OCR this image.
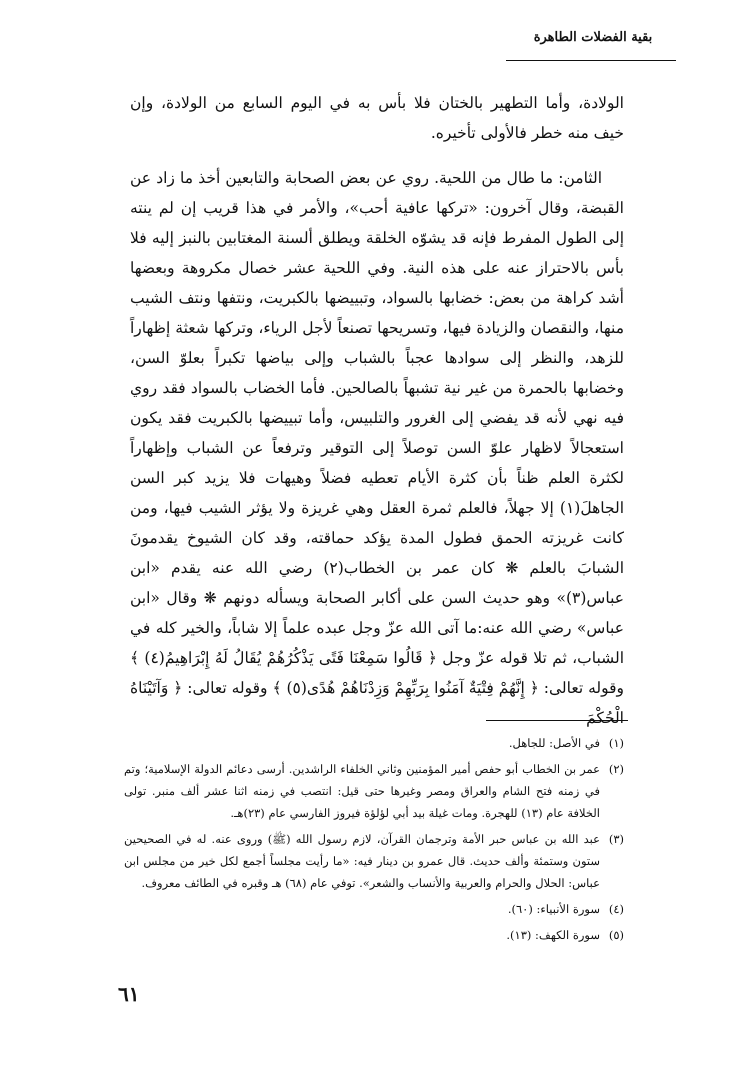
بقية الفضلات الطاهرة

الولادة، وأما التطهير بالختان فلا بأس به في اليوم السابع من الولادة، وإن خيف منه خطر فالأولى تأخيره.

الثامن: ما طال من اللحية. روي عن بعض الصحابة والتابعين أخذ ما زاد عن القبضة، وقال آخرون: «تركها عافية أحب»، والأمر في هذا قريب إن لم ينته إلى الطول المفرط فإنه قد يشوّه الخلقة ويطلق ألسنة المغتابين بالنبز إليه فلا بأس بالاحتراز عنه على هذه النية. وفي اللحية عشر خصال مكروهة وبعضها أشد كراهة من بعض: خضابها بالسواد، وتبييضها بالكبريت، ونتفها ونتف الشيب منها، والنقصان والزيادة فيها، وتسريحها تصنعاً لأجل الرياء، وتركها شعثة إظهاراً للزهد، والنظر إلى سوادها عجباً بالشباب وإلى بياضها تكبراً بعلوّ السن، وخضابها بالحمرة من غير نية تشبهاً بالصالحين. فأما الخضاب بالسواد فقد روي فيه نهي لأنه قد يفضي إلى الغرور والتلبيس، وأما تبييضها بالكبريت فقد يكون استعجالاً لاظهار علوّ السن توصلاً إلى التوقير وترفعاً عن الشباب وإظهاراً لكثرة العلم ظناً بأن كثرة الأيام تعطيه فضلاً وهيهات فلا يزيد كبر السن الجاهلَ(١) إلا جهلاً، فالعلم ثمرة العقل وهي غريزة ولا يؤثر الشيب فيها، ومن كانت غريزته الحمق فطول المدة يؤكد حماقته، وقد كان الشيوخ يقدمونَ الشبابَ بالعلم ❋ كان عمر بن الخطاب(٢) رضي الله عنه يقدم «ابن عباس(٣)» وهو حديث السن على أكابر الصحابة ويسأله دونهم ❋ وقال «ابن عباس» رضي الله عنه:ما آتى الله عزّ وجل عبده علماً إلا شاباً، والخير كله في الشباب، ثم تلا قوله عزّ وجل ﴿ قَالُوا سَمِعْنَا فَتًى يَذْكُرُهُمْ يُقَالُ لَهُ إِبْرَاهِيمُ(٤) ﴾ وقوله تعالى: ﴿ إِنَّهُمْ فِتْيَةٌ آمَنُوا بِرَبِّهِمْ وَزِدْنَاهُمْ هُدًى(٥) ﴾ وقوله تعالى: ﴿ وَآتَيْنَاهُ الْحُكْمَ

(١)
في الأصل: للجاهل.
(٢)
عمر بن الخطاب أبو حفص أمير المؤمنين وثاني الخلفاء الراشدين. أرسى دعائم الدولة الإسلامية؛ وتم في زمنه فتح الشام والعراق ومصر وغيرها حتى قيل: انتصب في زمنه اثنا عشر ألف منبر. تولى الخلافة عام (١٣) للهجرة. ومات غيلة بيد أبي لؤلؤة فيروز الفارسي عام (٢٣)هـ.
(٣)
عبد الله بن عباس حبر الأمة وترجمان القرآن، لازم رسول الله (ﷺ) وروى عنه. له في الصحيحين ستون وستمئة وألف حديث. قال عمرو بن دينار فيه: «ما رأيت مجلساً أجمع لكل خير من مجلس ابن عباس: الحلال والحرام والعربية والأنساب والشعر». توفي عام (٦٨) هـ وقبره في الطائف معروف.
(٤)
سورة الأنبياء: (٦٠).
(٥)
سورة الكهف: (١٣).
٦١
